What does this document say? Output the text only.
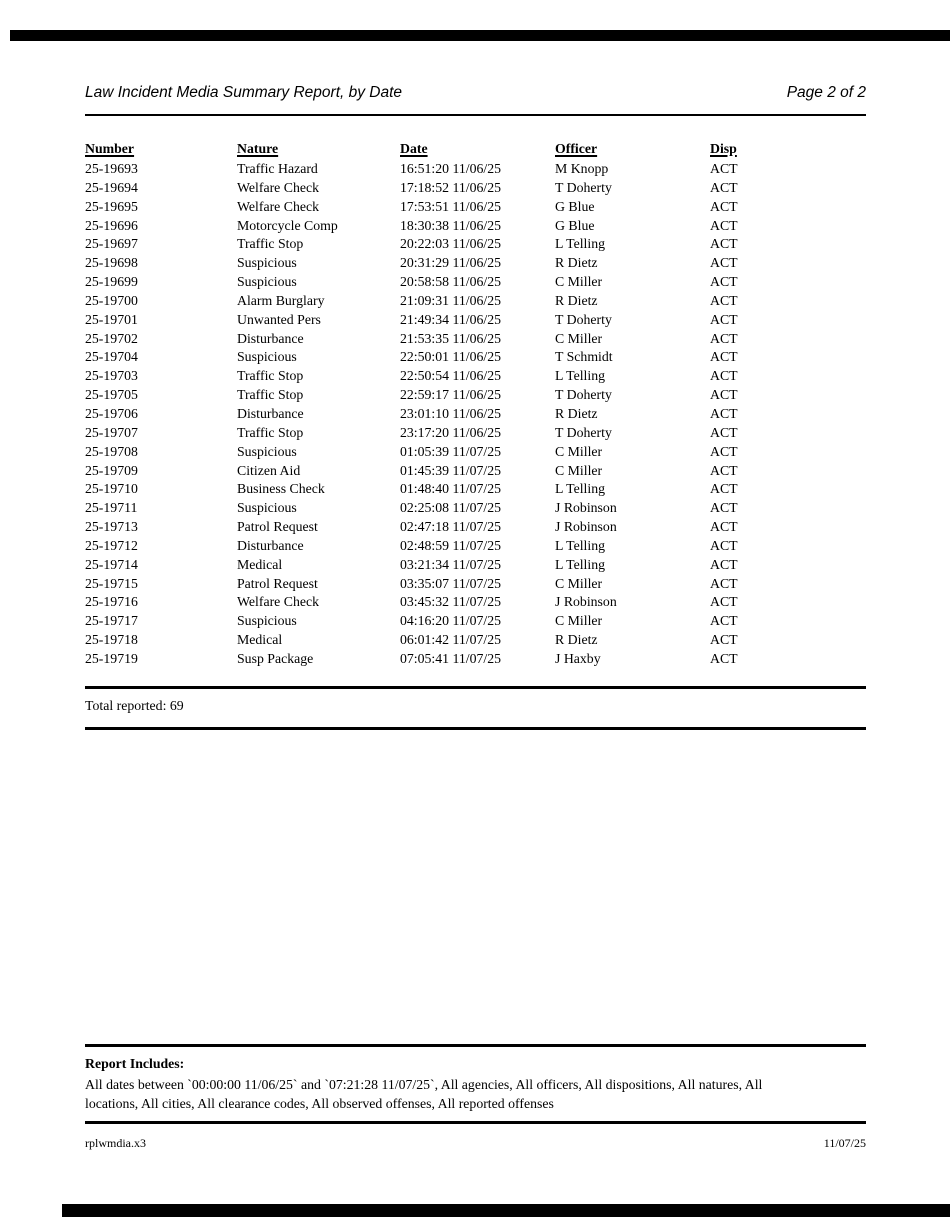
Law Incident Media Summary Report, by Date	Page 2 of 2
Number	Nature	Date	Officer	Disp
25-19693	Traffic Hazard	16:51:20 11/06/25	M Knopp	ACT
25-19694	Welfare Check	17:18:52 11/06/25	T Doherty	ACT
25-19695	Welfare Check	17:53:51 11/06/25	G Blue	ACT
25-19696	Motorcycle Comp	18:30:38 11/06/25	G Blue	ACT
25-19697	Traffic Stop	20:22:03 11/06/25	L Telling	ACT
25-19698	Suspicious	20:31:29 11/06/25	R Dietz	ACT
25-19699	Suspicious	20:58:58 11/06/25	C Miller	ACT
25-19700	Alarm Burglary	21:09:31 11/06/25	R Dietz	ACT
25-19701	Unwanted Pers	21:49:34 11/06/25	T Doherty	ACT
25-19702	Disturbance	21:53:35 11/06/25	C Miller	ACT
25-19704	Suspicious	22:50:01 11/06/25	T Schmidt	ACT
25-19703	Traffic Stop	22:50:54 11/06/25	L Telling	ACT
25-19705	Traffic Stop	22:59:17 11/06/25	T Doherty	ACT
25-19706	Disturbance	23:01:10 11/06/25	R Dietz	ACT
25-19707	Traffic Stop	23:17:20 11/06/25	T Doherty	ACT
25-19708	Suspicious	01:05:39 11/07/25	C Miller	ACT
25-19709	Citizen Aid	01:45:39 11/07/25	C Miller	ACT
25-19710	Business Check	01:48:40 11/07/25	L Telling	ACT
25-19711	Suspicious	02:25:08 11/07/25	J Robinson	ACT
25-19713	Patrol Request	02:47:18 11/07/25	J Robinson	ACT
25-19712	Disturbance	02:48:59 11/07/25	L Telling	ACT
25-19714	Medical	03:21:34 11/07/25	L Telling	ACT
25-19715	Patrol Request	03:35:07 11/07/25	C Miller	ACT
25-19716	Welfare Check	03:45:32 11/07/25	J Robinson	ACT
25-19717	Suspicious	04:16:20 11/07/25	C Miller	ACT
25-19718	Medical	06:01:42 11/07/25	R Dietz	ACT
25-19719	Susp Package	07:05:41 11/07/25	J Haxby	ACT
Total reported: 69
Report Includes:
All dates between `00:00:00 11/06/25` and `07:21:28 11/07/25`, All agencies, All officers, All dispositions, All natures, All
locations, All cities, All clearance codes, All observed offenses, All reported offenses
rplwmdia.x3	11/07/25
